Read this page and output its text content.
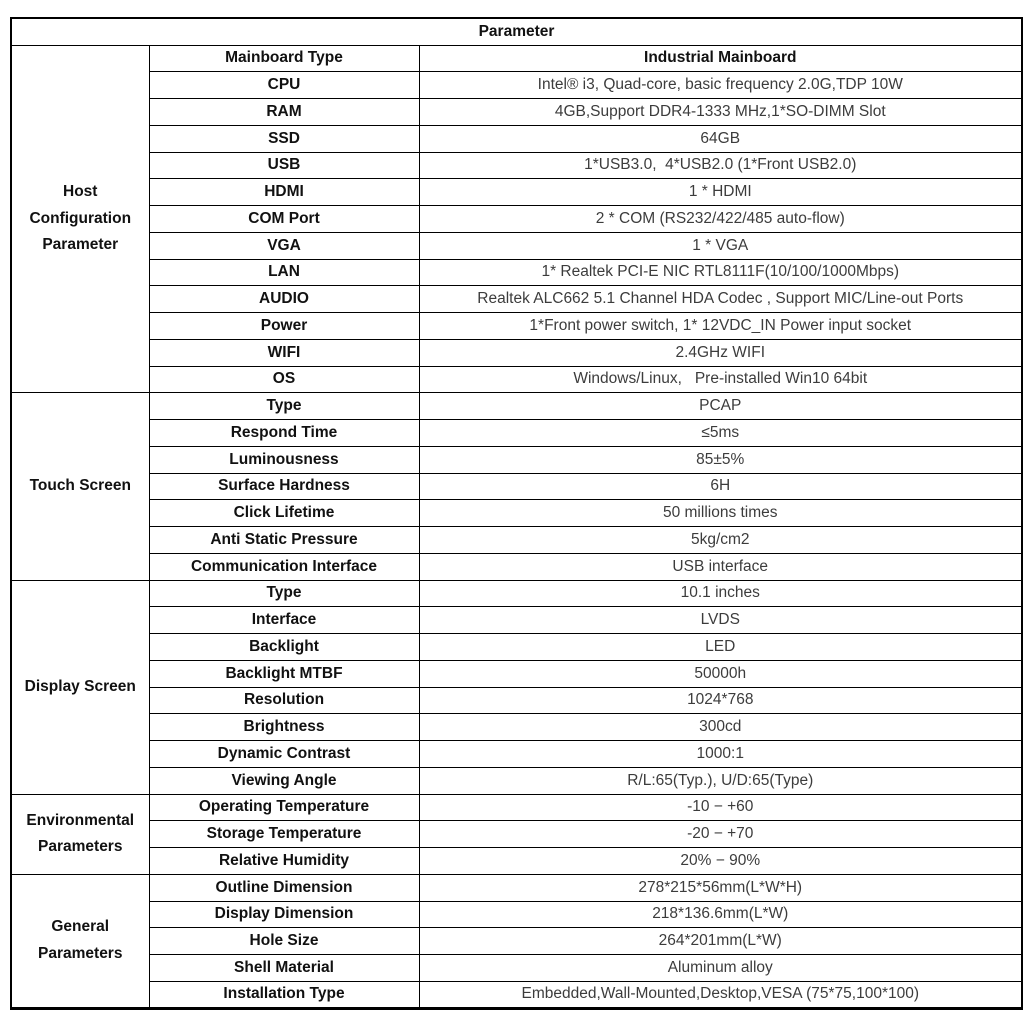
Parameter		

Host Configuration Parameter	Mainboard Type	Industrial Mainboard
	CPU	Intel® i3, Quad-core, basic frequency 2.0G,TDP 10W
	RAM	4GB,Support DDR4-1333 MHz,1*SO-DIMM Slot
	SSD	64GB
	USB	1*USB3.0,  4*USB2.0 (1*Front USB2.0)
	HDMI	1 * HDMI
	COM Port	2 * COM (RS232/422/485 auto-flow)
	VGA	1 * VGA
	LAN	1* Realtek PCI-E NIC RTL8111F(10/100/1000Mbps)
	AUDIO	Realtek ALC662 5.1 Channel HDA Codec , Support MIC/Line-out Ports
	Power	1*Front power switch, 1* 12VDC_IN Power input socket
	WIFI	2.4GHz WIFI
	OS	Windows/Linux,   Pre-installed Win10 64bit

Touch Screen	Type	PCAP
	Respond Time	≤5ms
	Luminousness	85±5%
	Surface Hardness	6H
	Click Lifetime	50 millions times
	Anti Static Pressure	5kg/cm2
	Communication Interface	USB interface

Display Screen	Type	10.1 inches
	Interface	LVDS
	Backlight	LED
	Backlight MTBF	50000h
	Resolution	1024*768
	Brightness	300cd
	Dynamic Contrast	1000:1
	Viewing Angle	R/L:65(Typ.), U/D:65(Type)

Environmental Parameters	Operating Temperature	-10 − +60
	Storage Temperature	-20 − +70
	Relative Humidity	20% − 90%

General Parameters	Outline Dimension	278*215*56mm(L*W*H)
	Display Dimension	218*136.6mm(L*W)
	Hole Size	264*201mm(L*W)
	Shell Material	Aluminum alloy
	Installation Type	Embedded,Wall-Mounted,Desktop,VESA (75*75,100*100)
